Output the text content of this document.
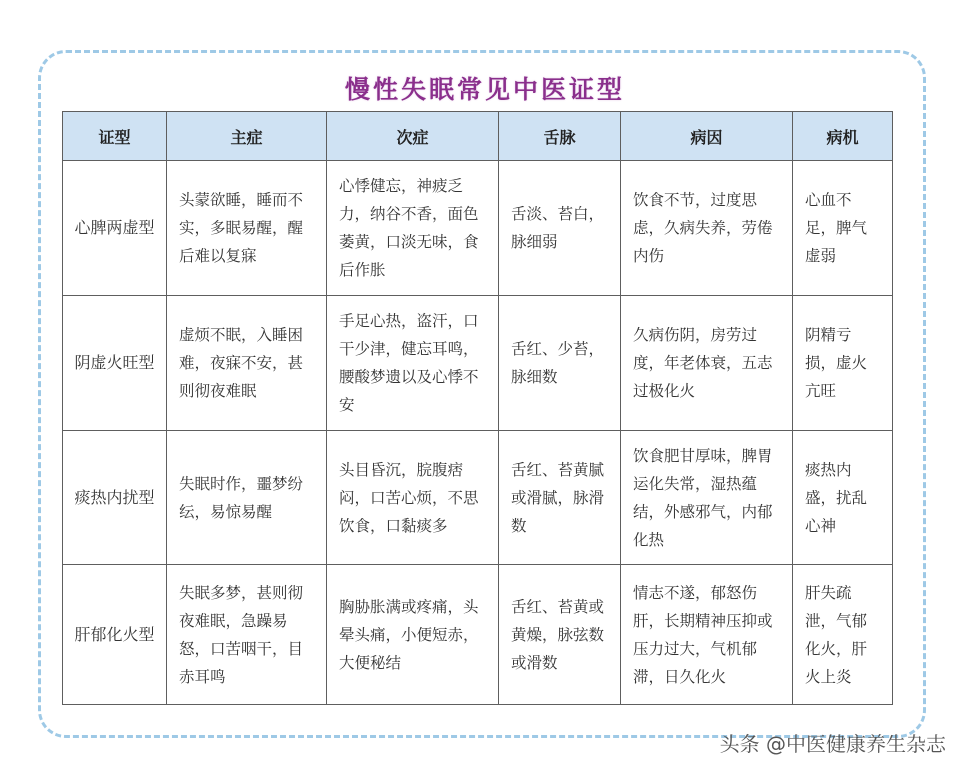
慢性失眠常见中医证型
证型	主症	次症	舌脉	病因	病机
心脾两虚型	头蒙欲睡，睡而不实，多眠易醒，醒后难以复寐	心悸健忘，神疲乏力，纳谷不香，面色萎黄，口淡无味，食后作胀	舌淡、苔白，脉细弱	饮食不节，过度思虑，久病失养，劳倦内伤	心血不足，脾气虚弱
阴虚火旺型	虚烦不眠，入睡困难，夜寐不安，甚则彻夜难眠	手足心热，盗汗，口干少津，健忘耳鸣，腰酸梦遗以及心悸不安	舌红、少苔，脉细数	久病伤阴，房劳过度，年老体衰，五志过极化火	阴精亏损，虚火亢旺
痰热内扰型	失眠时作，噩梦纷纭，易惊易醒	头目昏沉，脘腹痞闷，口苦心烦，不思饮食，口黏痰多	舌红、苔黄腻或滑腻，脉滑数	饮食肥甘厚味，脾胃运化失常，湿热蕴结，外感邪气，内郁化热	痰热内盛，扰乱心神
肝郁化火型	失眠多梦，甚则彻夜难眠，急躁易怒，口苦咽干，目赤耳鸣	胸胁胀满或疼痛，头晕头痛，小便短赤，大便秘结	舌红、苔黄或黄燥，脉弦数或滑数	情志不遂，郁怒伤肝，长期精神压抑或压力过大，气机郁滞，日久化火	肝失疏泄，气郁化火，肝火上炎
头条 @中医健康养生杂志
